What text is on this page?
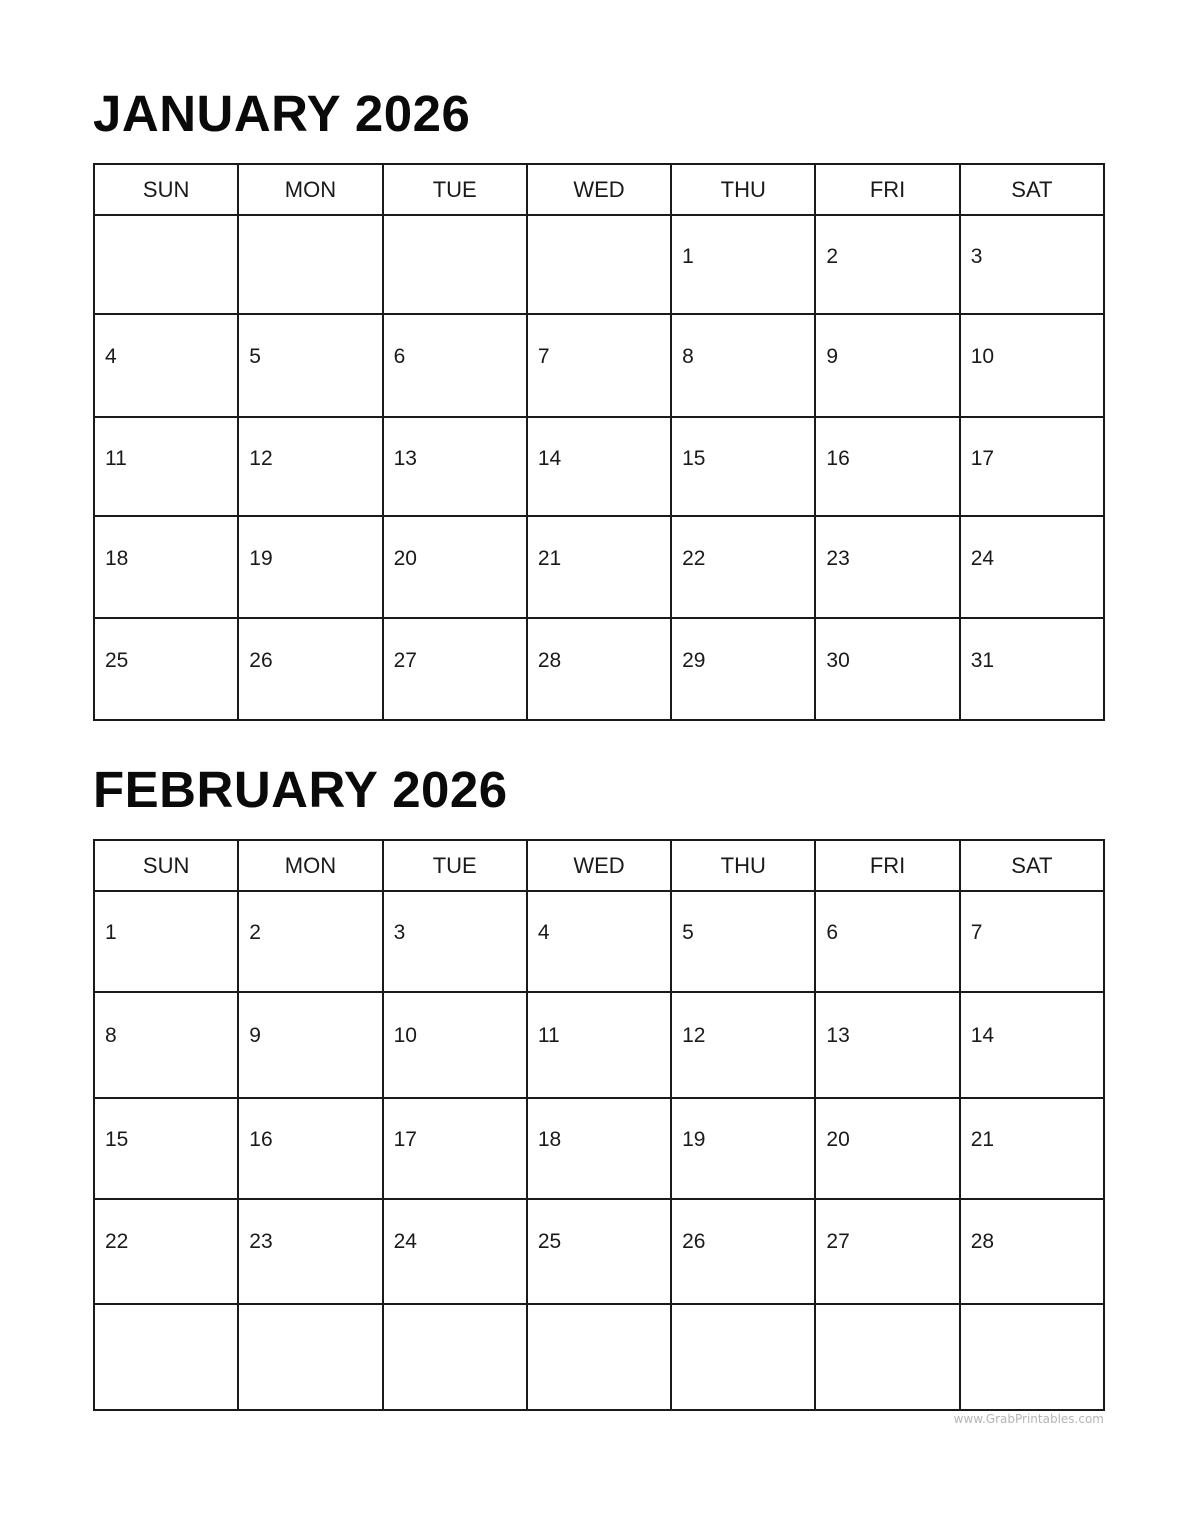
JANUARY 2026
SUN	MON	TUE	WED	THU	FRI	SAT

				1	2	3

4	5	6	7	8	9	10

11	12	13	14	15	16	17

18	19	20	21	22	23	24

25	26	27	28	29	30	31
FEBRUARY 2026
SUN	MON	TUE	WED	THU	FRI	SAT

1	2	3	4	5	6	7

8	9	10	11	12	13	14

15	16	17	18	19	20	21

22	23	24	25	26	27	28

www.GrabPrintables.com
